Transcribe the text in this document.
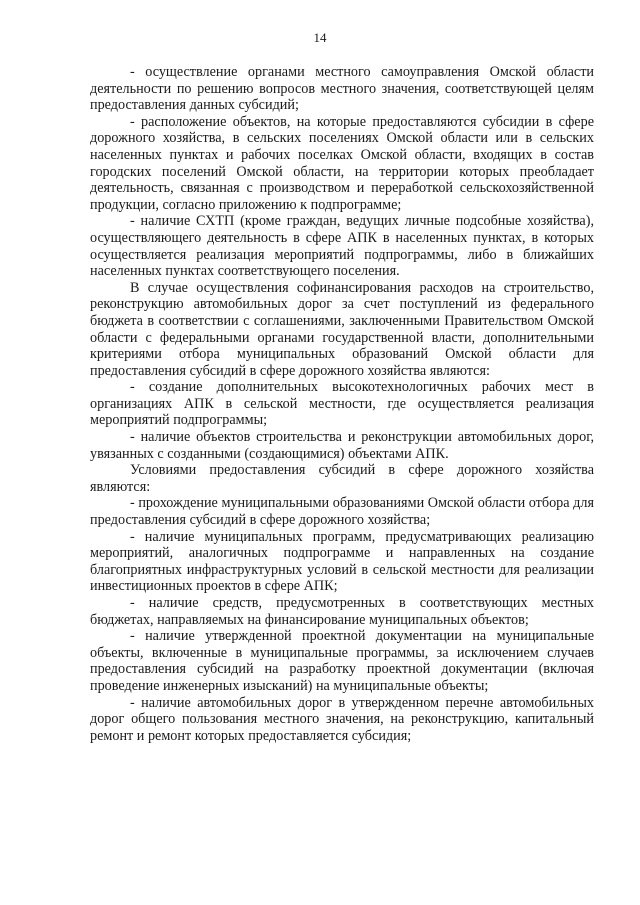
14

- осуществление органами местного самоуправления Омской области деятельности по решению вопросов местного значения, соответствующей целям предоставления данных субсидий;

- расположение объектов, на которые предоставляются субсидии в сфере дорожного хозяйства, в сельских поселениях Омской области или в сельских населенных пунктах и рабочих поселках Омской области, входящих в состав городских поселений Омской области, на территории которых преобладает деятельность, связанная с производством и переработкой сельскохозяйственной продукции, согласно приложению к подпрограмме;

- наличие СХТП (кроме граждан, ведущих личные подсобные хозяйства), осуществляющего деятельность в сфере АПК в населенных пунктах, в которых осуществляется реализация мероприятий подпрограммы, либо в ближайших населенных пунктах соответствующего поселения.

В случае осуществления софинансирования расходов на строительство, реконструкцию автомобильных дорог за счет поступлений из федерального бюджета в соответствии с соглашениями, заключенными Правительством Омской области с федеральными органами государственной власти, дополнительными критериями отбора муниципальных образований Омской области для предоставления субсидий в сфере дорожного хозяйства являются:

- создание дополнительных высокотехнологичных рабочих мест в организациях АПК в сельской местности, где осуществляется реализация мероприятий подпрограммы;

- наличие объектов строительства и реконструкции автомобильных дорог, увязанных с созданными (создающимися) объектами АПК.

Условиями предоставления субсидий в сфере дорожного хозяйства являются:

- прохождение муниципальными образованиями Омской области отбора для предоставления субсидий в сфере дорожного хозяйства;

- наличие муниципальных программ, предусматривающих реализацию мероприятий, аналогичных подпрограмме и направленных на создание благоприятных инфраструктурных условий в сельской местности для реализации инвестиционных проектов в сфере АПК;

- наличие средств, предусмотренных в соответствующих местных бюджетах, направляемых на финансирование муниципальных объектов;

- наличие утвержденной проектной документации на муниципальные объекты, включенные в муниципальные программы, за исключением случаев предоставления субсидий на разработку проектной документации (включая проведение инженерных изысканий) на муниципальные объекты;

- наличие автомобильных дорог в утвержденном перечне автомобильных дорог общего пользования местного значения, на реконструкцию, капитальный ремонт и ремонт которых предоставляется субсидия;
